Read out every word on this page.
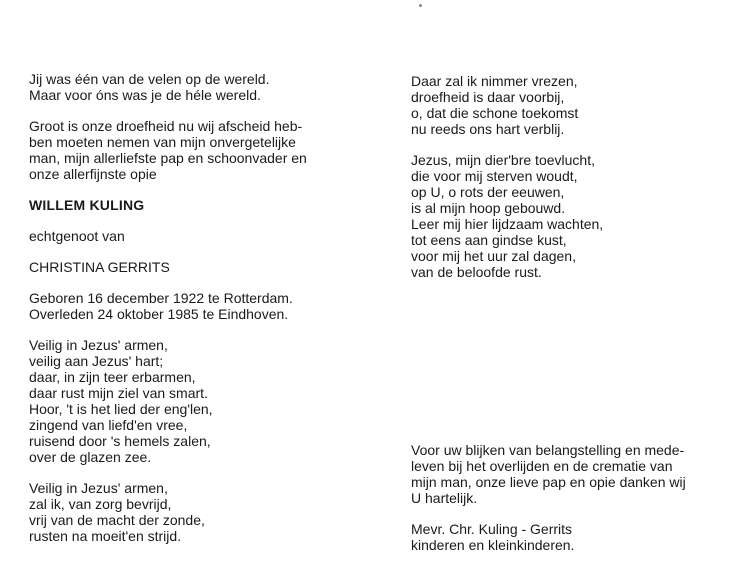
Jij was één van de velen op de wereld.
Maar voor óns was je de héle wereld.
Groot is onze droefheid nu wij afscheid heb-
ben moeten nemen van mijn onvergetelijke
man, mijn allerliefste pap en schoonvader en
onze allerfijnste opie
WILLEM KULING
echtgenoot van
CHRISTINA GERRITS
Geboren 16 december 1922 te Rotterdam.
Overleden 24 oktober 1985 te Eindhoven.
Veilig in Jezus' armen,
veilig aan Jezus' hart;
daar, in zijn teer erbarmen,
daar rust mijn ziel van smart.
Hoor, 't is het lied der eng'len,
zingend van liefd'en vree,
ruisend door 's hemels zalen,
over de glazen zee.
Veilig in Jezus' armen,
zal ik, van zorg bevrijd,
vrij van de macht der zonde,
rusten na moeit'en strijd.
Daar zal ik nimmer vrezen,
droefheid is daar voorbij,
o, dat die schone toekomst
nu reeds ons hart verblij.
Jezus, mijn dier'bre toevlucht,
die voor mij sterven woudt,
op U, o rots der eeuwen,
is al mijn hoop gebouwd.
Leer mij hier lijdzaam wachten,
tot eens aan gindse kust,
voor mij het uur zal dagen,
van de beloofde rust.
Voor uw blijken van belangstelling en mede-
leven bij het overlijden en de crematie van
mijn man, onze lieve pap en opie danken wij
U hartelijk.
Mevr. Chr. Kuling - Gerrits
kinderen en kleinkinderen.
